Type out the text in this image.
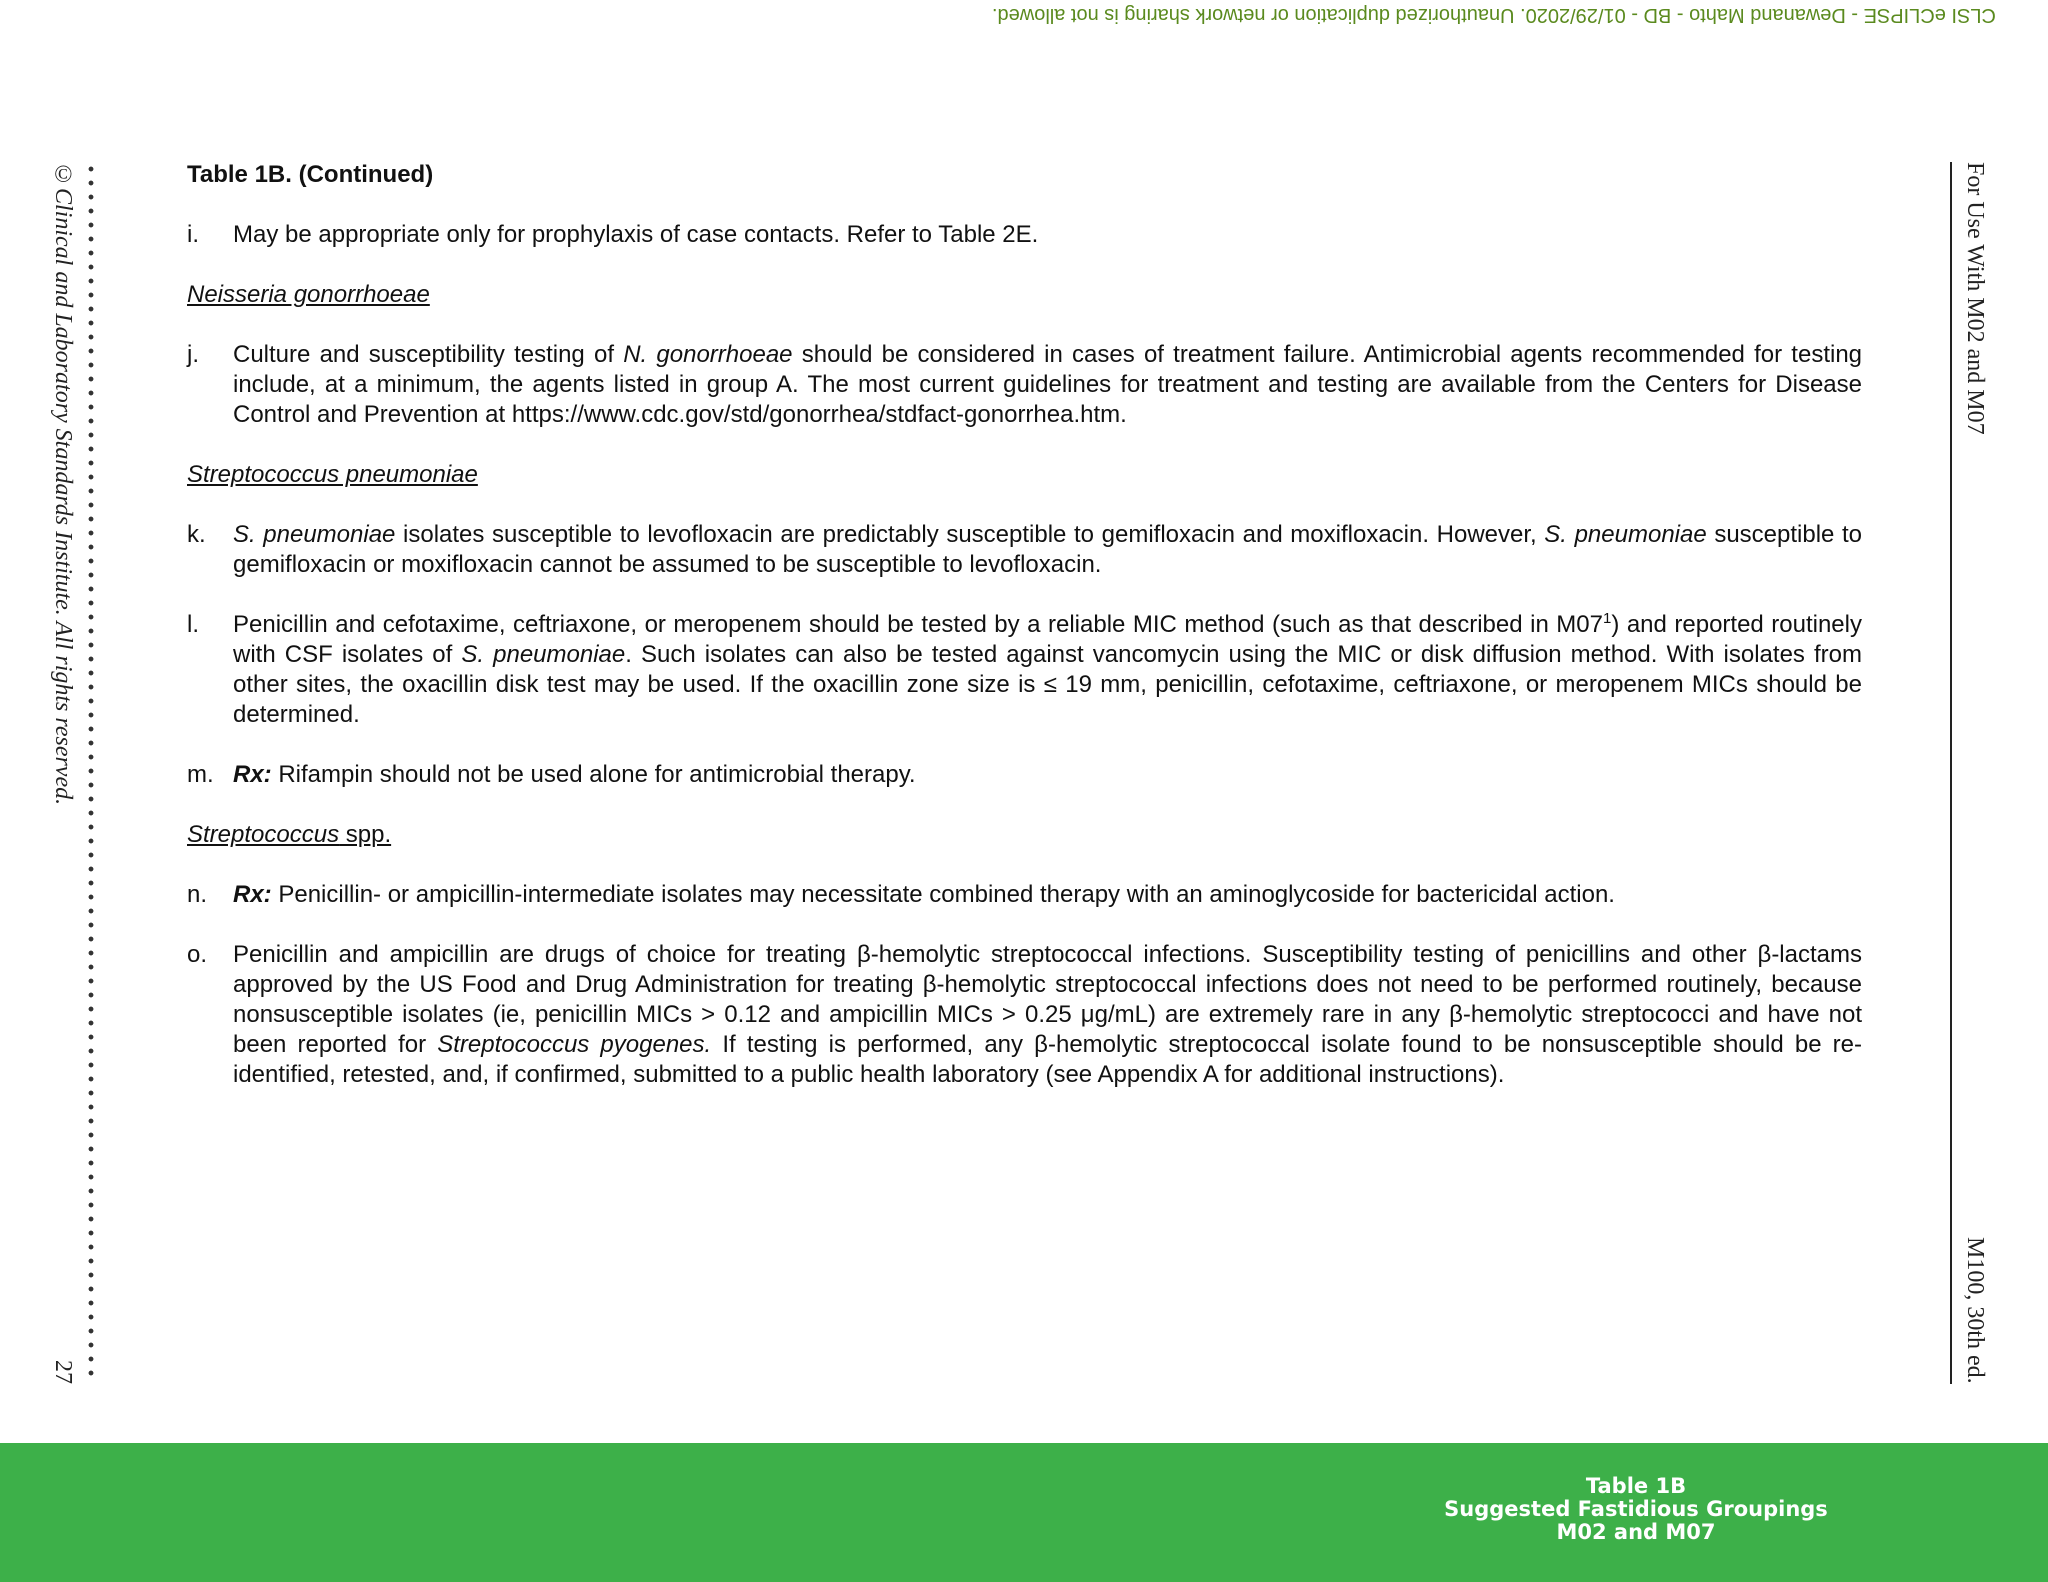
CLSI eCLIPSE - Dewanand Mahto - BD - 01/29/2020. Unauthorized duplication or network sharing is not allowed.
©Clinical and Laboratory Standards Institute. All rights reserved.
27
For Use With M02 and M07
M100, 30th ed.
Table 1B. (Continued)
i.	May be appropriate only for prophylaxis of case contacts. Refer to Table 2E.
Neisseria gonorrhoeae
j.	Culture and susceptibility testing of N. gonorrhoeae should be considered in cases of treatment failure. Antimicrobial agents recommended for testing include, at a minimum, the agents listed in group A. The most current guidelines for treatment and testing are available from the Centers for Disease Control and Prevention at https://www.cdc.gov/std/gonorrhea/stdfact-gonorrhea.htm.
Streptococcus pneumoniae
k.	S. pneumoniae isolates susceptible to levofloxacin are predictably susceptible to gemifloxacin and moxifloxacin. However, S. pneumoniae susceptible to gemifloxacin or moxifloxacin cannot be assumed to be susceptible to levofloxacin.
l.	Penicillin and cefotaxime, ceftriaxone, or meropenem should be tested by a reliable MIC method (such as that described in $M07^1$) and reported routinely with CSF isolates of S. pneumoniae. Such isolates can also be tested against vancomycin using the MIC or disk diffusion method. With isolates from other sites, the oxacillin disk test may be used. If the oxacillin zone size is ≤ 19 mm, penicillin, cefotaxime, ceftriaxone, or meropenem MICs should be determined.
m. Rx: Rifampin should not be used alone for antimicrobial therapy.
Streptococcus spp.
n.	Rx: Penicillin- or ampicillin-intermediate isolates may necessitate combined therapy with an aminoglycoside for bactericidal action.
o.	Penicillin and ampicillin are drugs of choice for treating β-hemolytic streptococcal infections. Susceptibility testing of penicillins and other β-lactams approved by the US Food and Drug Administration for treating β-hemolytic streptococcal infections does not need to be performed routinely, because nonsusceptible isolates (ie, penicillin MICs > 0.12 and ampicillin MICs > 0.25 μg/mL) are extremely rare in any β-hemolytic streptococci and have not been reported for Streptococcus pyogenes. If testing is performed, any β-hemolytic streptococcal isolate found to be nonsusceptible should be re-identified, retested, and, if confirmed, submitted to a public health laboratory (see Appendix A for additional instructions).
Table 1B
Suggested Fastidious Groupings
M02 and M07
